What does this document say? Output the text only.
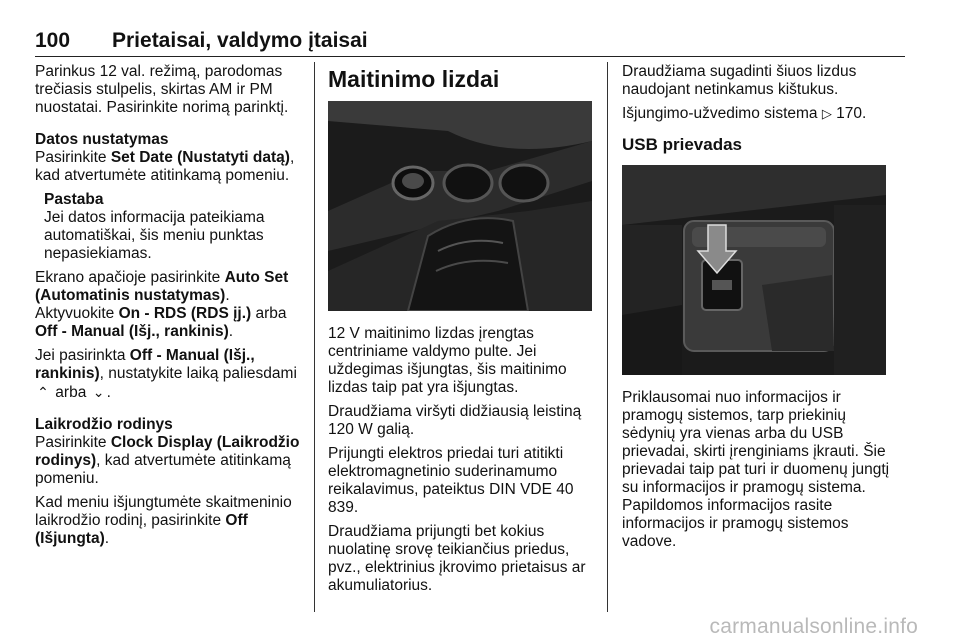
100 Prietaisai, valdymo įtaisai

Parinkus 12 val. režimą, parodomas trečiasis stulpelis, skirtas AM ir PM nuostatai. Pasirinkite norimą parinktį.

Datos nustatymas

Pasirinkite Set Date (Nustatyti datą), kad atvertumėte atitinkamą pomeniu.

Pastaba
Jei datos informacija pateikiama automatiškai, šis meniu punktas nepasiekiamas.

Ekrano apačioje pasirinkite Auto Set (Automatinis nustatymas).

Aktyvuokite On - RDS (RDS įj.) arba Off - Manual (Išj., rankinis).

Jei pasirinkta Off - Manual (Išj., rankinis), nustatykite laiką paliesdami
⌃ arba ⌄ .

Laikrodžio rodinys

Pasirinkite Clock Display (Laikrodžio rodinys), kad atvertumėte atitinkamą pomeniu.

Kad meniu išjungtumėte skaitmeninio laikrodžio rodinį, pasirinkite Off (Išjungta).

Maitinimo lizdai

12 V maitinimo lizdas įrengtas centriniame valdymo pulte. Jei uždegimas išjungtas, šis maitinimo lizdas taip pat yra išjungtas.

Draudžiama viršyti didžiausią leistiną 120 W galią.

Prijungti elektros priedai turi atitikti elektromagnetinio suderinamumo reikalavimus, pateiktus DIN VDE 40 839.

Draudžiama prijungti bet kokius nuolatinę srovę teikiančius priedus, pvz., elektrinius įkrovimo prietaisus ar akumuliatorius.

Draudžiama sugadinti šiuos lizdus naudojant netinkamus kištukus.

Išjungimo-užvedimo sistema ▷ 170.

USB prievadas

Priklausomai nuo informacijos ir pramogų sistemos, tarp priekinių sėdynių yra vienas arba du USB prievadai, skirti įrenginiams įkrauti. Šie prievadai taip pat turi ir duomenų jungtį su informacijos ir pramogų sistema. Papildomos informacijos rasite informacijos ir pramogų sistemos vadove.

carmanualsonline.info
